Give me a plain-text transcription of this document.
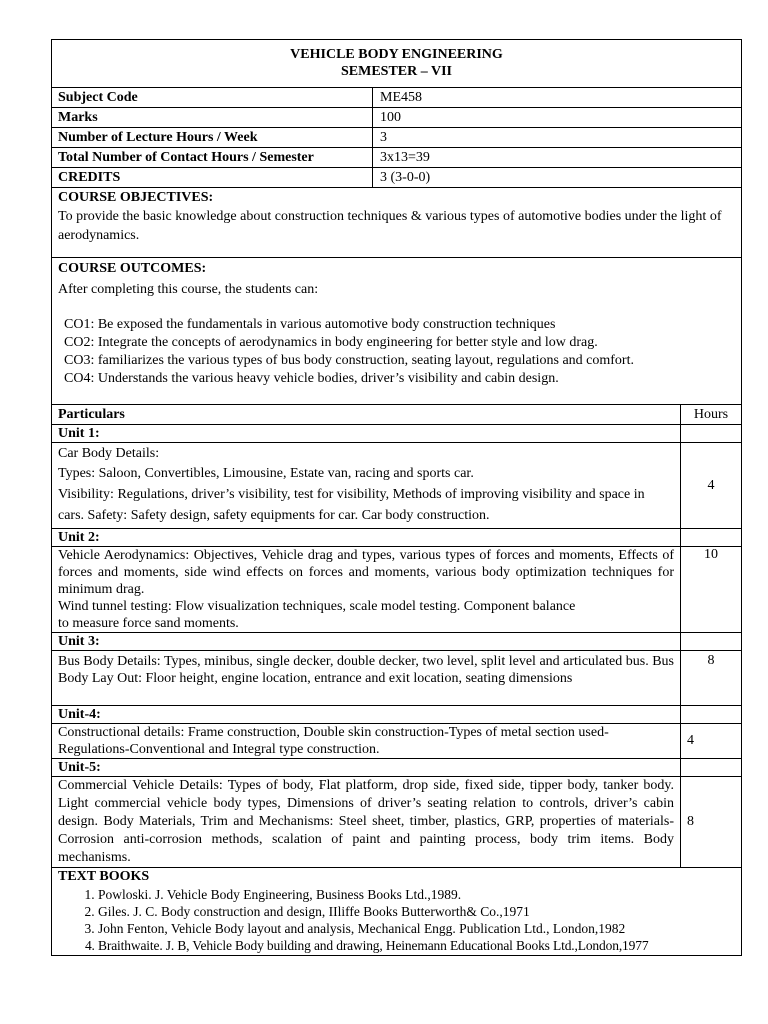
VEHICLE BODY ENGINEERING
SEMESTER – VII
Subject Code	ME458
Marks	100
Number of Lecture Hours / Week	3
Total Number of Contact Hours / Semester	3x13=39
CREDITS	3 (3-0-0)
COURSE OBJECTIVES:
To provide the basic knowledge about construction techniques & various types of automotive bodies under the light of aerodynamics.
COURSE OUTCOMES:
After completing this course, the students can:
CO1: Be exposed the fundamentals in various automotive body construction techniques
CO2: Integrate the concepts of aerodynamics in body engineering for better style and low drag.
CO3: familiarizes the various types of bus body construction, seating layout, regulations and comfort.
CO4: Understands the various heavy vehicle bodies, driver’s visibility and cabin design.
Particulars	Hours
Unit 1:
Car Body Details:
Types: Saloon, Convertibles, Limousine, Estate van, racing and sports car.
Visibility: Regulations, driver’s visibility, test for visibility, Methods of improving visibility and space in cars. Safety: Safety design, safety equipments for car. Car body construction.
4
Unit 2:
Vehicle Aerodynamics: Objectives, Vehicle drag and types, various types of forces and moments, Effects of forces and moments, side wind effects on forces and moments, various body optimization techniques for minimum drag.
Wind tunnel testing: Flow visualization techniques, scale model testing. Component balance
to measure force sand moments.
10
Unit 3:
Bus Body Details: Types, minibus, single decker, double decker, two level, split level and articulated bus. Bus Body Lay Out: Floor height, engine location, entrance and exit location, seating dimensions
8
Unit-4:
Constructional details: Frame construction, Double skin construction-Types of metal section used-Regulations-Conventional and Integral type construction.
4
Unit-5:
Commercial Vehicle Details: Types of body, Flat platform, drop side, fixed side, tipper body, tanker body. Light commercial vehicle body types, Dimensions of driver’s seating relation to controls, driver’s cabin design. Body Materials, Trim and Mechanisms: Steel sheet, timber, plastics, GRP, properties of materials-Corrosion anti-corrosion methods, scalation of paint and painting process, body trim items. Body mechanisms.
8
TEXT BOOKS
1. Powloski. J. Vehicle Body Engineering, Business Books Ltd.,1989.
2. Giles. J. C. Body construction and design, IIliffe Books Butterworth& Co.,1971
3. John Fenton, Vehicle Body layout and analysis, Mechanical Engg. Publication Ltd., London,1982
4. Braithwaite. J. B, Vehicle Body building and drawing, Heinemann Educational Books Ltd.,London,1977
